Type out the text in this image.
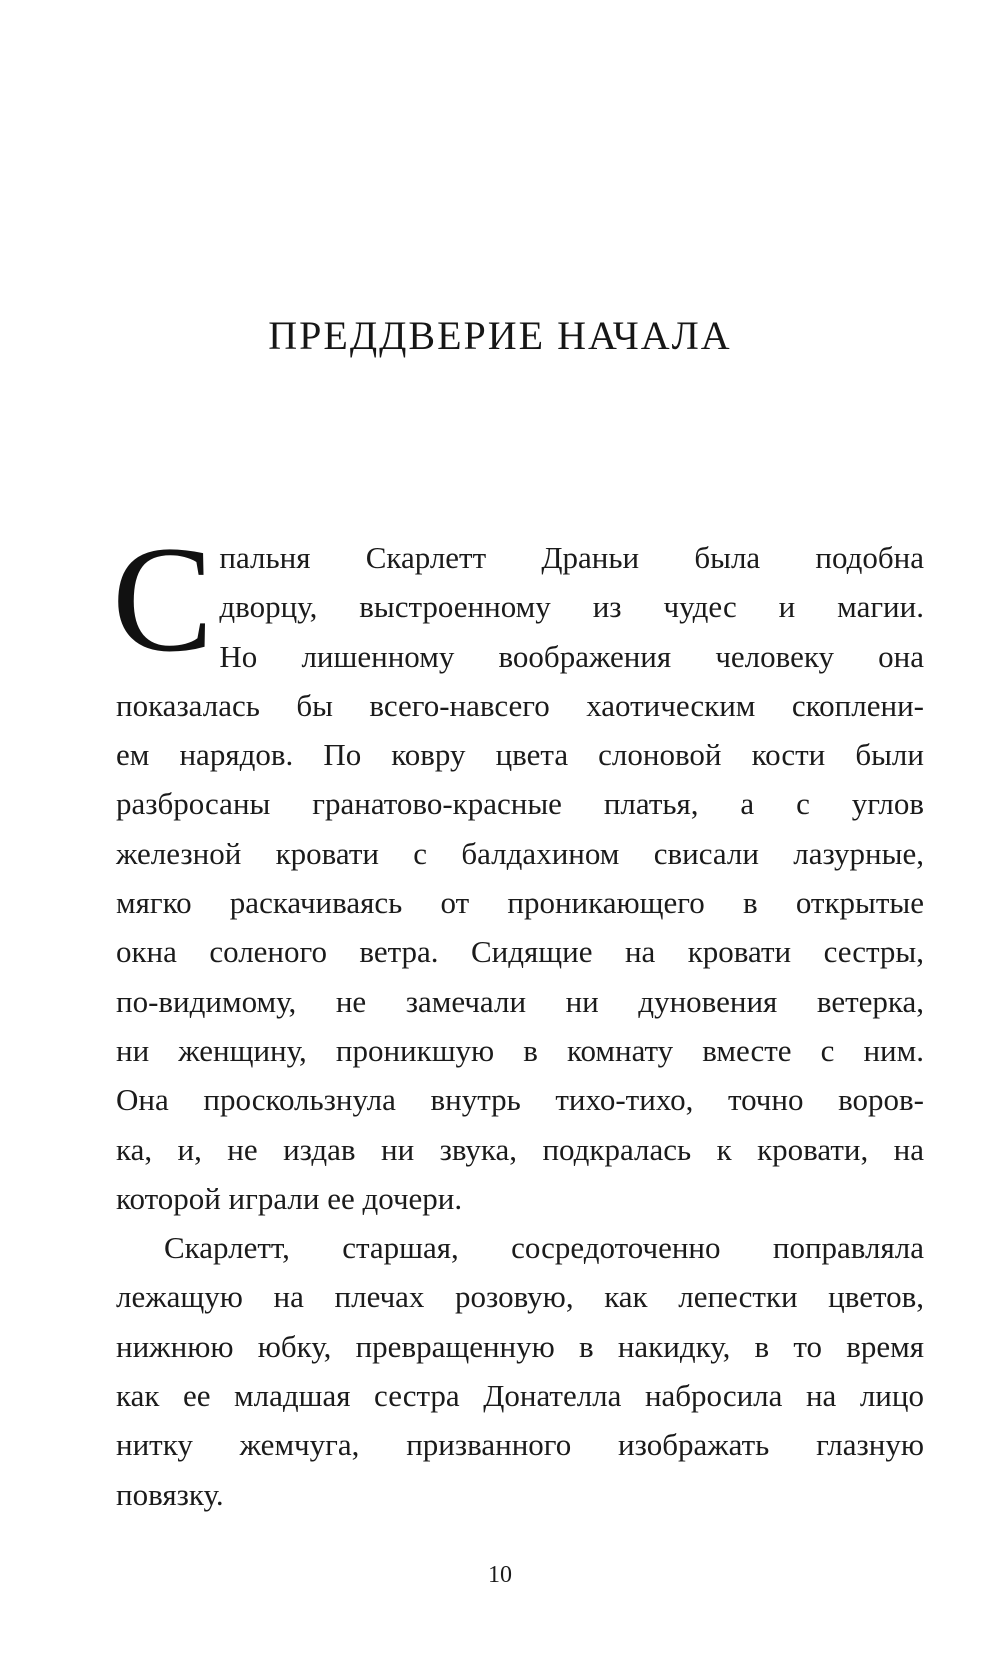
ПРЕДДВЕРИЕ НАЧАЛА
С пальня Скарлетт Драньи была подобна
дворцу, выстроенному из чудес и магии.
Но лишенному воображения человеку она
показалась бы всего-навсего хаотическим скоплени-
ем нарядов. По ковру цвета слоновой кости были
разбросаны гранатово-красные платья, а с углов
железной кровати с балдахином свисали лазурные,
мягко раскачиваясь от проникающего в открытые
окна соленого ветра. Сидящие на кровати сестры,
по-видимому, не замечали ни дуновения ветерка,
ни женщину, проникшую в комнату вместе с ним.
Она проскользнула внутрь тихо-тихо, точно воров-
ка, и, не издав ни звука, подкралась к кровати, на
которой играли ее дочери.
Скарлетт, старшая, сосредоточенно поправляла
лежащую на плечах розовую, как лепестки цветов,
нижнюю юбку, превращенную в накидку, в то время
как ее младшая сестра Донателла набросила на лицо
нитку жемчуга, призванного изображать глазную
повязку.
10
